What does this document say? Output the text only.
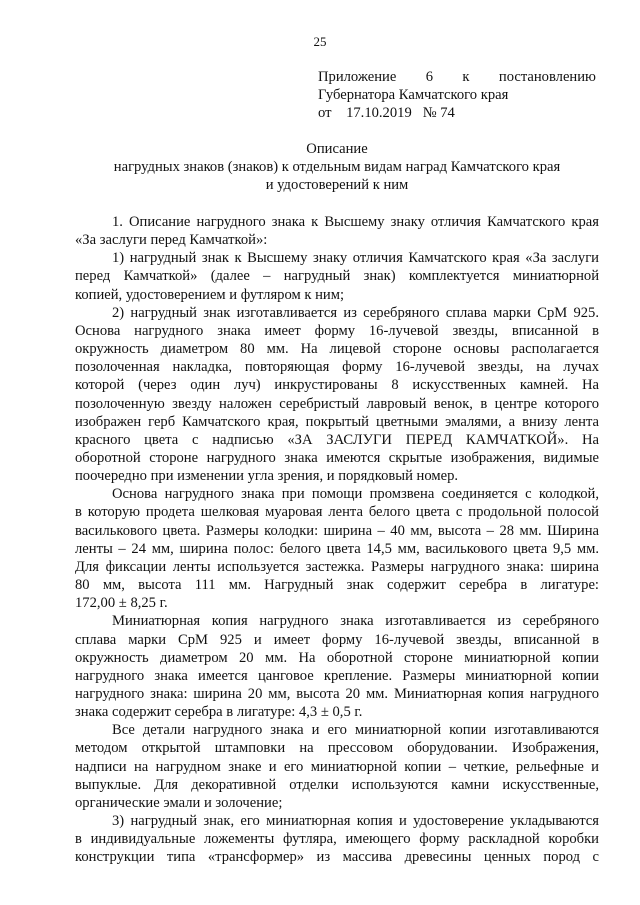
25
Приложение 6 к постановлению
Губернатора Камчатского края
от    17.10.2019   № 74
Описание
нагрудных знаков (знаков) к отдельным видам наград Камчатского края
и удостоверений к ним
1. Описание нагрудного знака к Высшему знаку отличия Камчатского края
«За заслуги перед Камчаткой»:
1) нагрудный знак к Высшему знаку отличия Камчатского края «За заслуги
перед Камчаткой» (далее – нагрудный знак) комплектуется миниатюрной
копией, удостоверением и футляром к ним;
2) нагрудный знак изготавливается из серебряного сплава марки СрМ 925.
Основа нагрудного знака имеет форму 16-лучевой звезды, вписанной в
окружность диаметром 80 мм. На лицевой стороне основы располагается
позолоченная накладка, повторяющая форму 16-лучевой звезды, на лучах
которой (через один луч) инкрустированы 8 искусственных камней. На
позолоченную звезду наложен серебристый лавровый венок, в центре которого
изображен герб Камчатского края, покрытый цветными эмалями, а внизу лента
красного цвета с надписью «ЗА ЗАСЛУГИ ПЕРЕД КАМЧАТКОЙ». На
оборотной стороне нагрудного знака имеются скрытые изображения, видимые
поочередно при изменении угла зрения, и порядковый номер.
Основа нагрудного знака при помощи промзвена соединяется с колодкой,
в которую продета шелковая муаровая лента белого цвета с продольной полосой
василькового цвета. Размеры колодки: ширина – 40 мм, высота – 28 мм. Ширина
ленты – 24 мм, ширина полос: белого цвета 14,5 мм, василькового цвета 9,5 мм.
Для фиксации ленты используется застежка. Размеры нагрудного знака: ширина
80 мм, высота 111 мм. Нагрудный знак содержит серебра в лигатуре:
172,00 ± 8,25 г.
Миниатюрная копия нагрудного знака изготавливается из серебряного
сплава марки СрМ 925 и имеет форму 16-лучевой звезды, вписанной в
окружность диаметром 20 мм. На оборотной стороне миниатюрной копии
нагрудного знака имеется цанговое крепление. Размеры миниатюрной копии
нагрудного знака: ширина 20 мм, высота 20 мм. Миниатюрная копия нагрудного
знака содержит серебра в лигатуре: 4,3 ± 0,5 г.
Все детали нагрудного знака и его миниатюрной копии изготавливаются
методом открытой штамповки на прессовом оборудовании. Изображения,
надписи на нагрудном знаке и его миниатюрной копии – четкие, рельефные и
выпуклые. Для декоративной отделки используются камни искусственные,
органические эмали и золочение;
3) нагрудный знак, его миниатюрная копия и удостоверение укладываются
в индивидуальные ложементы футляра, имеющего форму раскладной коробки
конструкции типа «трансформер» из массива древесины ценных пород с
